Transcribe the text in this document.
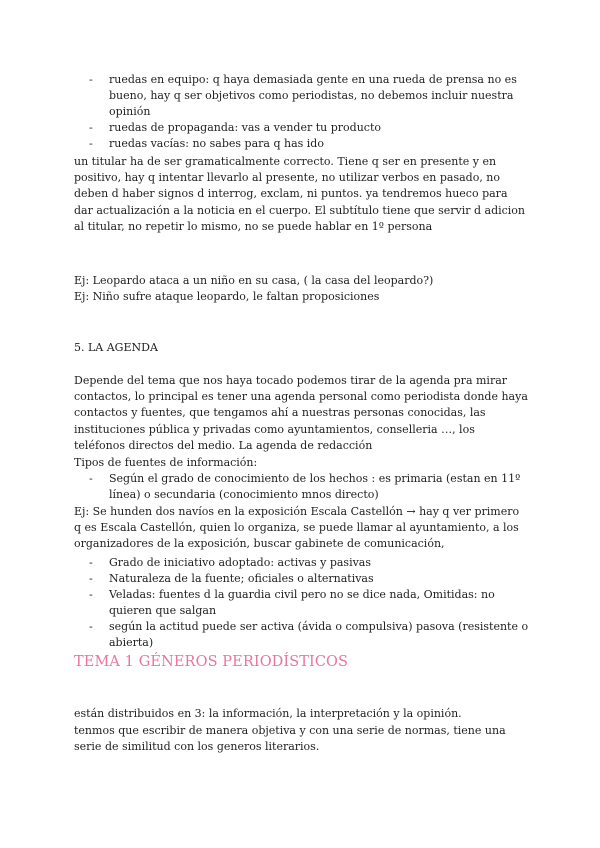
- ruedas en equipo: q haya demasiada gente en una rueda de prensa no es bueno, hay q ser objetivos como periodistas, no debemos incluir nuestra opinión
- ruedas de propaganda: vas a vender tu producto
- ruedas vacías: no sabes para q has ido

un titular ha de ser gramaticalmente correcto. Tiene q ser en presente y en positivo, hay q intentar llevarlo al presente, no utilizar verbos en pasado, no deben d haber signos d interrog, exclam, ni puntos. ya tendremos hueco para dar actualización a la noticia en el cuerpo. El subtítulo tiene que servir d adicion al titular, no repetir lo mismo, no se puede hablar en 1º persona

Ej: Leopardo ataca a un niño en su casa, ( la casa del leopardo?)

Ej: Niño sufre ataque leopardo, le faltan proposiciones

5. LA AGENDA

Depende del tema que nos haya tocado podemos tirar de la agenda pra mirar contactos, lo principal es tener una agenda personal como periodista donde haya contactos y fuentes, que tengamos ahí a nuestras personas conocidas, las instituciones pública y privadas como ayuntamientos, conselleria …, los teléfonos directos del medio. La agenda de redacción

Tipos de fuentes de información:

- Según el grado de conocimiento de los hechos : es primaria (estan en 11º línea) o secundaria (conocimiento mnos directo)

Ej: Se hunden dos navíos en la exposición Escala Castellón → hay q ver primero q es Escala Castellón, quien lo organiza, se puede llamar al ayuntamiento, a los organizadores de la exposición, buscar gabinete de comunicación,

- Grado de iniciativo adoptado: activas y pasivas
- Naturaleza de la fuente; oficiales o alternativas
- Veladas: fuentes d la guardia civil pero no se dice nada, Omitidas: no quieren que salgan
- según la actitud puede ser activa (ávida o compulsiva) pasova (resistente o abierta)
TEMA 1 GÉNEROS PERIODÍSTICOS

están distribuidos en 3: la información, la interpretación y la opinión.

tenmos que escribir de manera objetiva y con una serie de normas, tiene una serie de similitud con los generos literarios.
